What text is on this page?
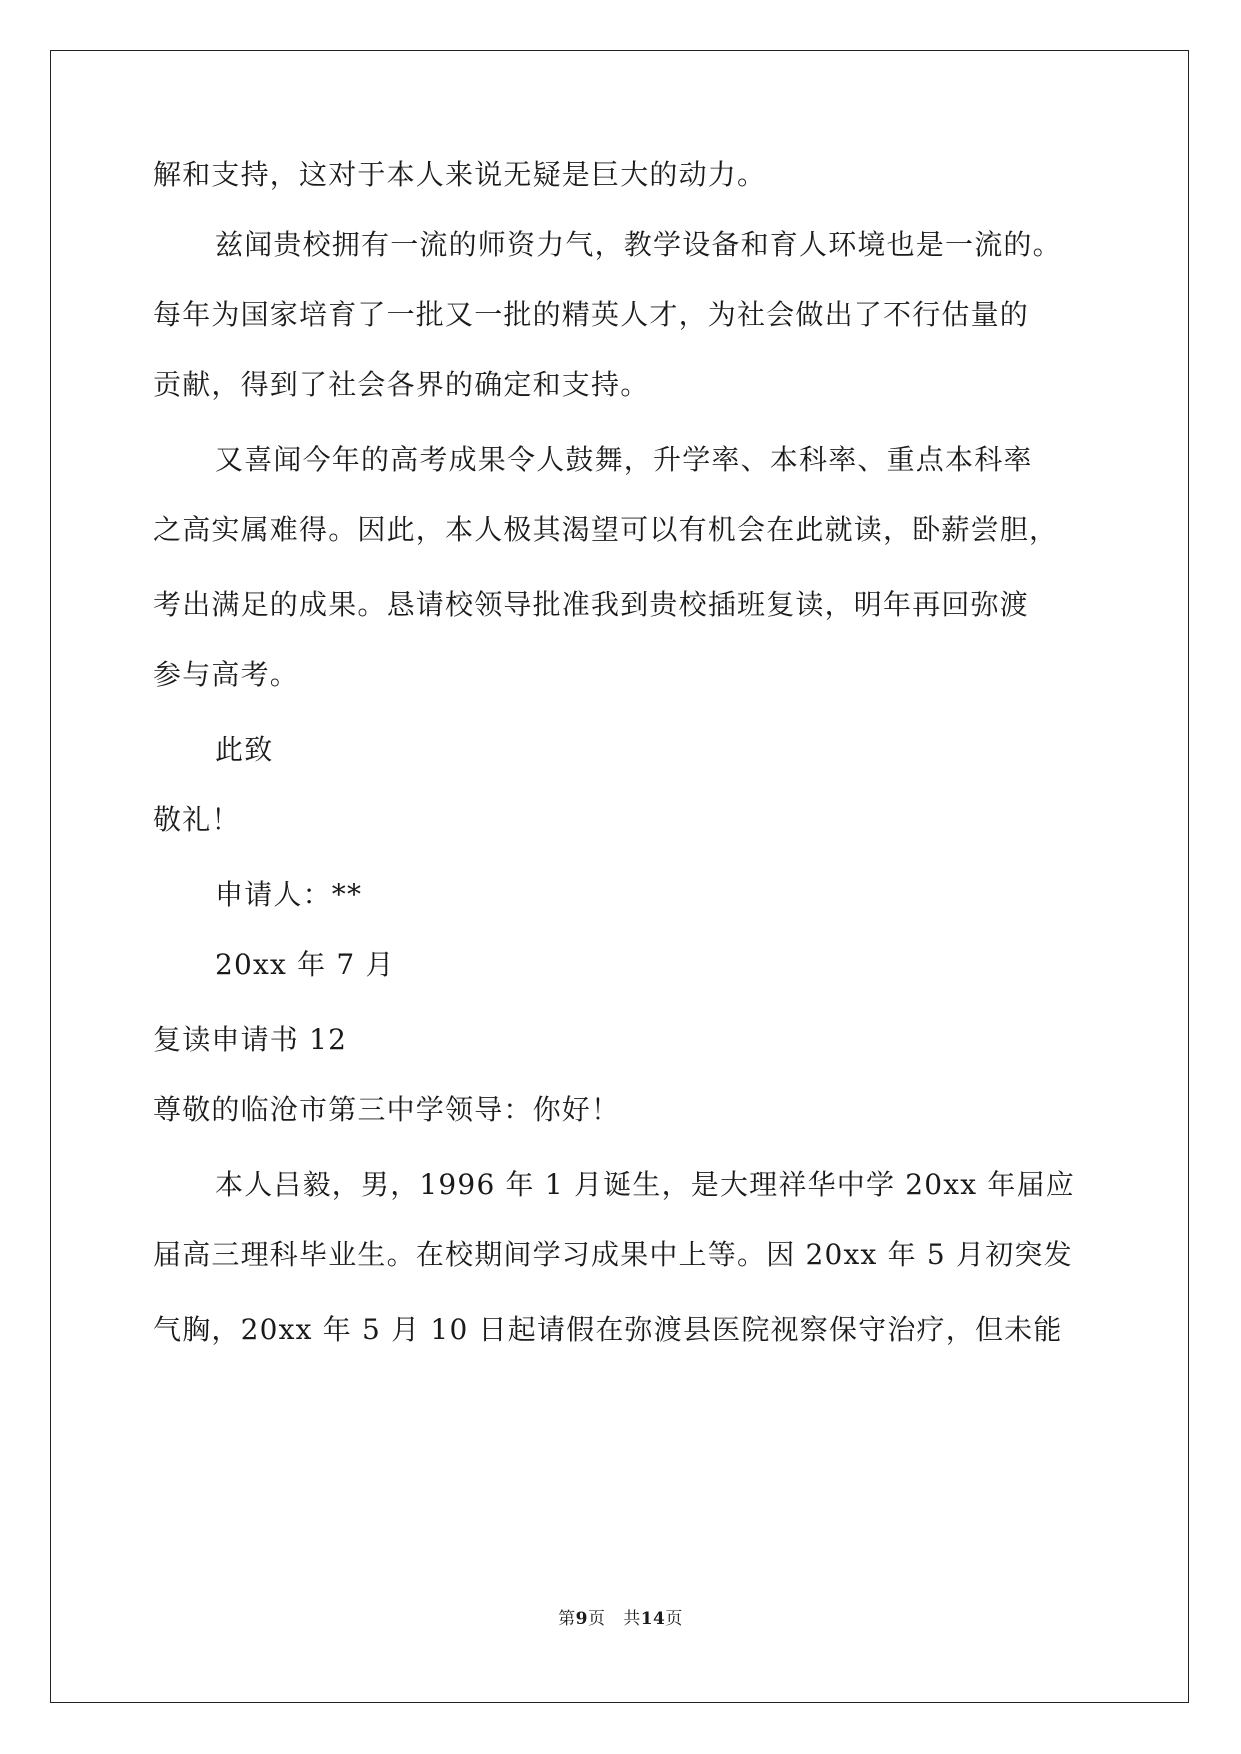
解和支持，这对于本人来说无疑是巨大的动力。
兹闻贵校拥有一流的师资力气，教学设备和育人环境也是一流的。
每年为国家培育了一批又一批的精英人才，为社会做出了不行估量的
贡献，得到了社会各界的确定和支持。
又喜闻今年的高考成果令人鼓舞，升学率、本科率、重点本科率
之高实属难得。因此，本人极其渴望可以有机会在此就读，卧薪尝胆，
考出满足的成果。恳请校领导批准我到贵校插班复读，明年再回弥渡
参与高考。
此致
敬礼！
申请人：**
20xx 年 7 月
复读申请书 12
尊敬的临沧市第三中学领导：你好！
本人吕毅，男，1996 年 1 月诞生，是大理祥华中学 20xx 年届应
届高三理科毕业生。在校期间学习成果中上等。因 20xx 年 5 月初突发
气胸，20xx 年 5 月 10 日起请假在弥渡县医院视察保守治疗，但未能
第9页 共14页
